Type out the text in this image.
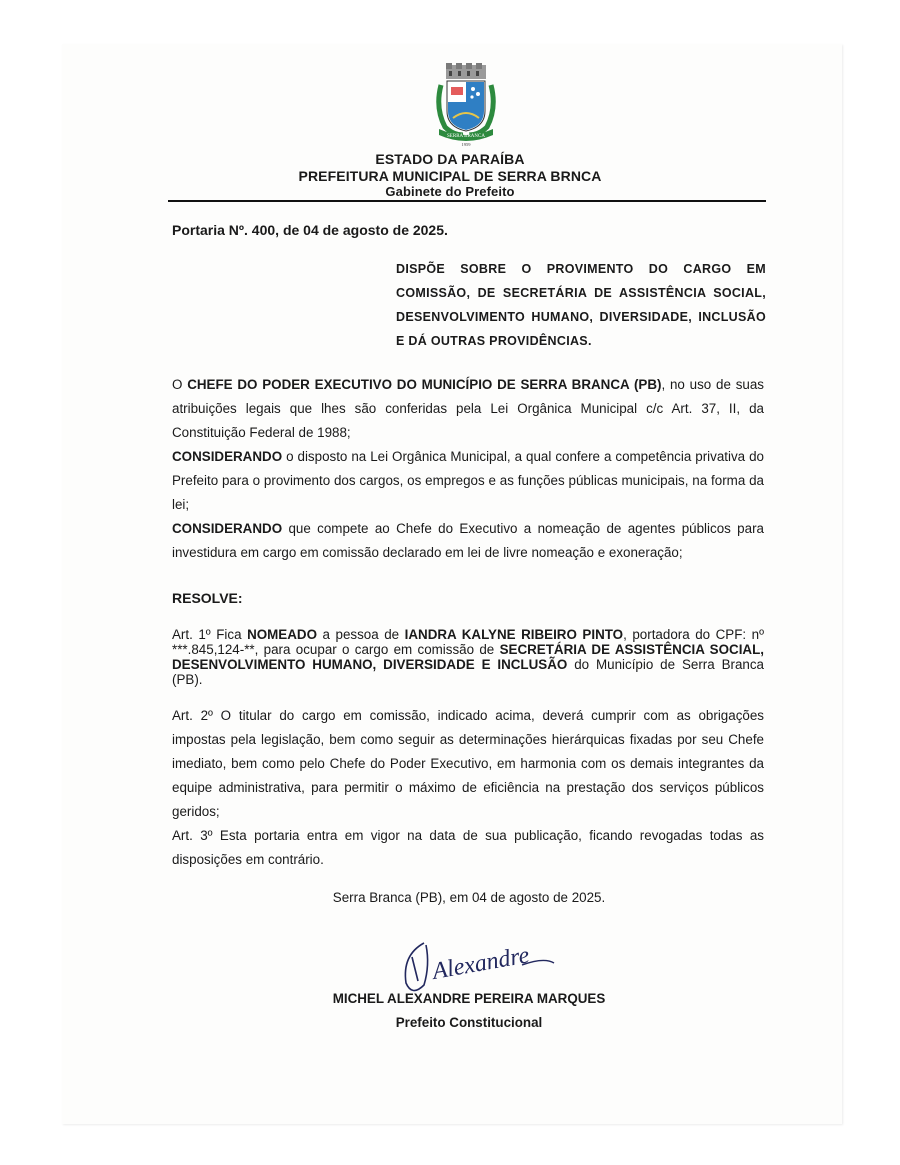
SERRA BRANCA
1959
ESTADO DA PARAÍBA
PREFEITURA MUNICIPAL DE SERRA BRNCA
Gabinete do Prefeito
Portaria Nº. 400, de 04 de agosto de 2025.
DISPÕE SOBRE O PROVIMENTO DO CARGO EM COMISSÃO, DE SECRETÁRIA DE ASSISTÊNCIA SOCIAL, DESENVOLVIMENTO HUMANO, DIVERSIDADE, INCLUSÃO E DÁ OUTRAS PROVIDÊNCIAS.

O CHEFE DO PODER EXECUTIVO DO MUNICÍPIO DE SERRA BRANCA (PB), no uso de suas atribuições legais que lhes são conferidas pela Lei Orgânica Municipal c/c Art. 37, II, da Constituição Federal de 1988;

CONSIDERANDO o disposto na Lei Orgânica Municipal, a qual confere a competência privativa do Prefeito para o provimento dos cargos, os empregos e as funções públicas municipais, na forma da lei;

CONSIDERANDO que compete ao Chefe do Executivo a nomeação de agentes públicos para investidura em cargo em comissão declarado em lei de livre nomeação e exoneração;

RESOLVE:

Art. 1º Fica NOMEADO a pessoa de IANDRA KALYNE RIBEIRO PINTO, portadora do CPF: nº ***.845,124-**, para ocupar o cargo em comissão de SECRETÁRIA DE ASSISTÊNCIA SOCIAL, DESENVOLVIMENTO HUMANO, DIVERSIDADE E INCLUSÃO do Município de Serra Branca (PB).

Art. 2º O titular do cargo em comissão, indicado acima, deverá cumprir com as obrigações impostas pela legislação, bem como seguir as determinações hierárquicas fixadas por seu Chefe imediato, bem como pelo Chefe do Poder Executivo, em harmonia com os demais integrantes da equipe administrativa, para permitir o máximo de eficiência na prestação dos serviços públicos geridos;

Art. 3º Esta portaria entra em vigor na data de sua publicação, ficando revogadas todas as disposições em contrário.

Serra Branca (PB), em 04 de agosto de 2025.
Alexandre
MICHEL ALEXANDRE PEREIRA MARQUES
Prefeito Constitucional
